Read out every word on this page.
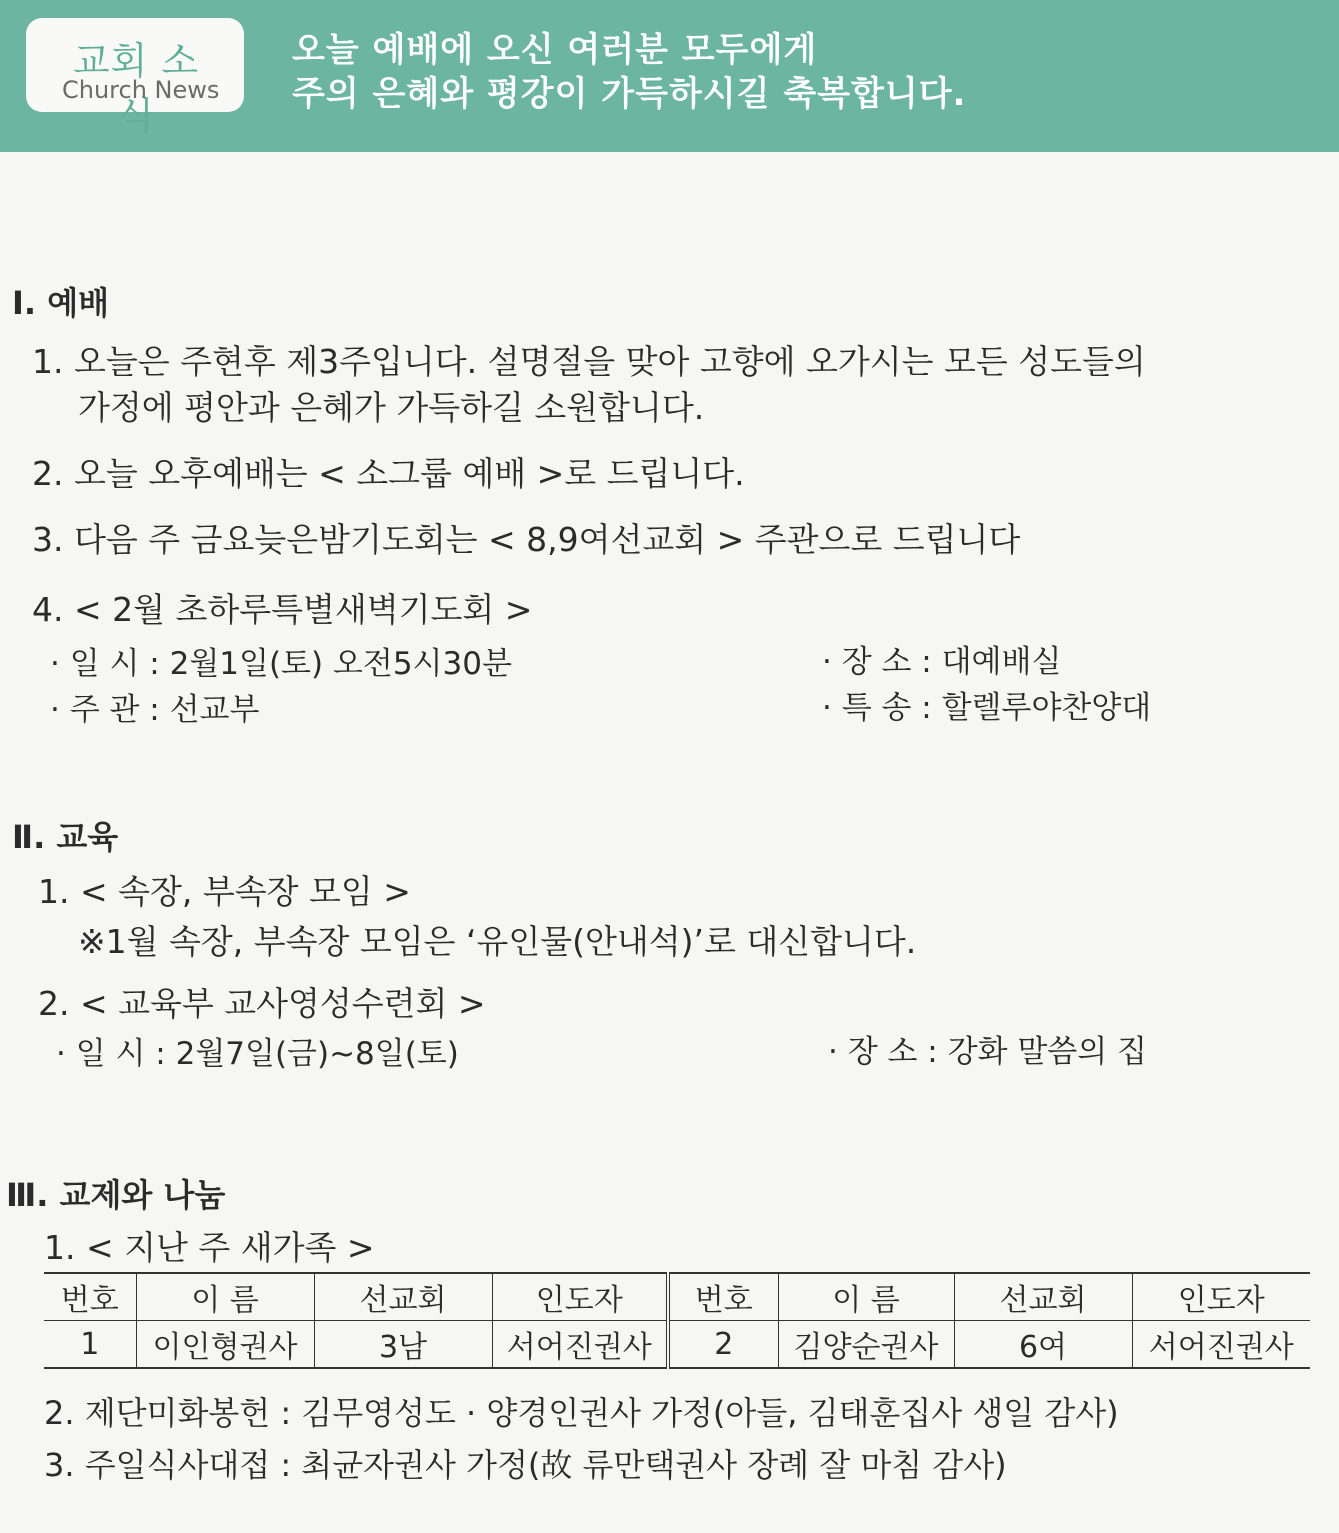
교회 소식
Church News
오늘 예배에 오신 여러분 모두에게
주의 은혜와 평강이 가득하시길 축복합니다.
Ⅰ. 예배
1. 오늘은 주현후 제3주입니다. 설명절을 맞아 고향에 오가시는 모든 성도들의
가정에 평안과 은혜가 가득하길 소원합니다.
2. 오늘 오후예배는 < 소그룹 예배 >로 드립니다.
3. 다음 주 금요늦은밤기도회는 < 8,9여선교회 > 주관으로 드립니다
4. < 2월 초하루특별새벽기도회 >
· 일 시 : 2월1일(토) 오전5시30분	· 장 소 : 대예배실
· 주 관 : 선교부	· 특 송 : 할렐루야찬양대
Ⅱ. 교육
1. < 속장, 부속장 모임 >
※1월 속장, 부속장 모임은 ‘유인물(안내석)’로 대신합니다.
2. < 교육부 교사영성수련회 >
· 일 시 : 2월7일(금)~8일(토)	· 장 소 : 강화 말씀의 집
Ⅲ. 교제와 나눔
1. < 지난 주 새가족 >
번호	이 름	선교회	인도자	번호	이 름	선교회	인도자
1	이인형권사	3남	서어진권사	2	김양순권사	6여	서어진권사
2. 제단미화봉헌 : 김무영성도 · 양경인권사 가정(아들, 김태훈집사 생일 감사)
3. 주일식사대접 : 최균자권사 가정(故 류만택권사 장례 잘 마침 감사)
